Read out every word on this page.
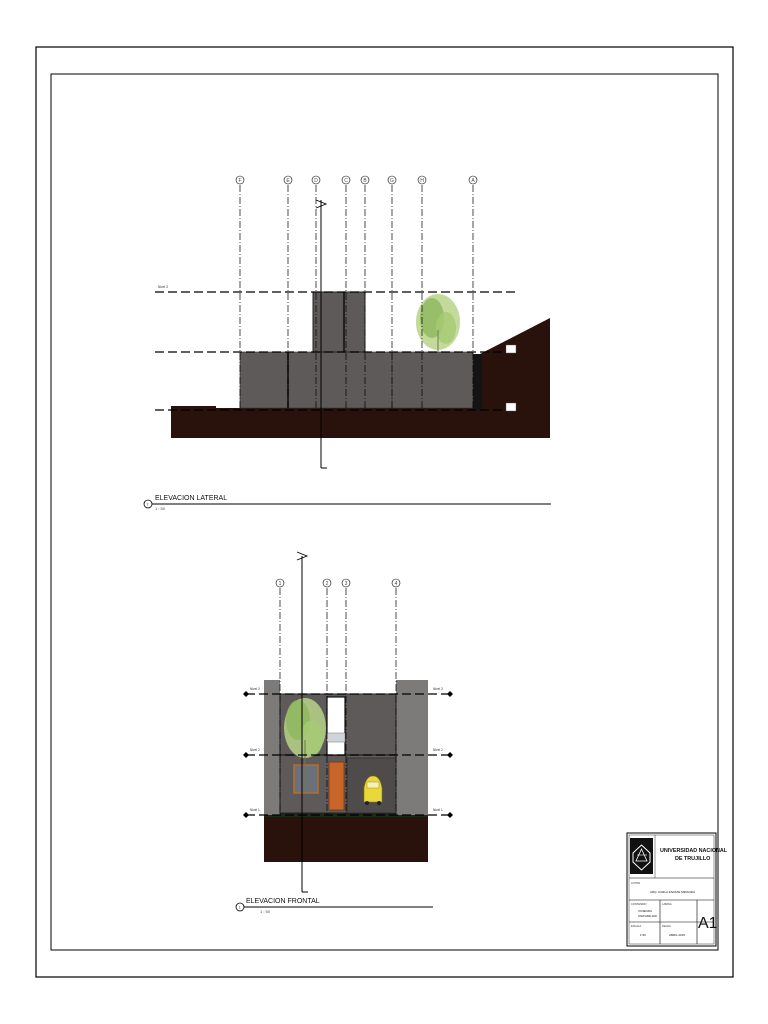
F	E	D	C	B	G	H	A
Nivel 3
2
ELEVACION LATERAL
1 : 50
1	2	3	4
Nivel 3
Nivel 2
Nivel 1
Nivel 3
Nivel 2
Nivel 1
1
ELEVACION FRONTAL
1 : 50
UNIVERSIDAD NACIONAL
DE TRUJILLO
AUTOR
ARQ. KARLA ZARATE MIRANDA
CONTENIDO
VIVIENDA
UNIFAMILIAR
ESCALA
1:50
FECHA
ABRIL 2015
LAMINA
A1
